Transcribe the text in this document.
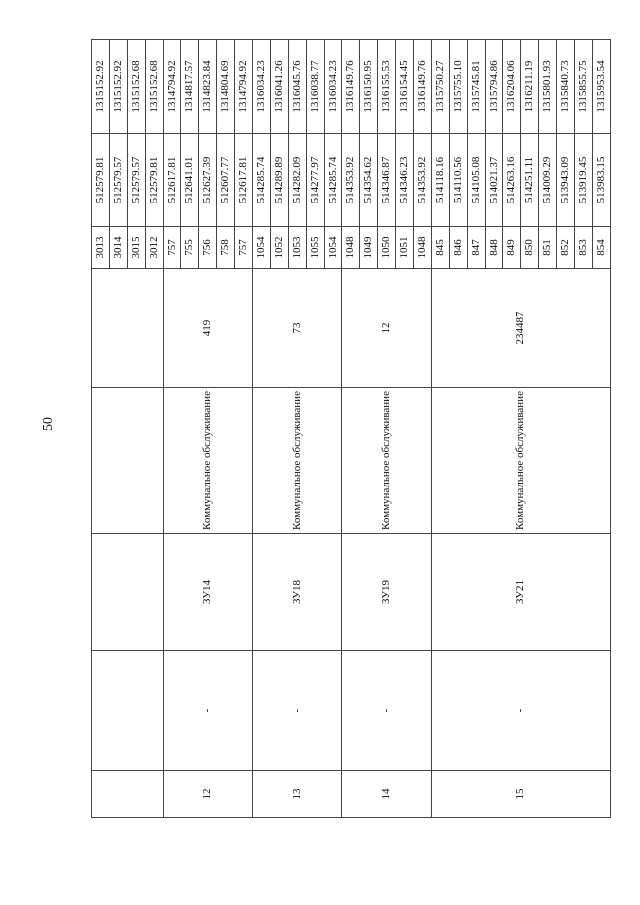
50
					3013	512579.81	1315152.92
					3014	512579.57	1315152.92
					3015	512579.57	1315152.68
					3012	512579.81	1315152.68
12	-	ЗУ14	Коммунальное обслуживание	419	757	512617.81	1314794.92
					755	512641.01	1314817.57
					756	512627.39	1314823.84
					758	512607.77	1314804.69
					757	512617.81	1314794.92
13	-	ЗУ18	Коммунальное обслуживание	73	1054	514285.74	1316034.23
					1052	514289.89	1316041.26
					1053	514282.09	1316045.76
					1055	514277.97	1316038.77
					1054	514285.74	1316034.23
14	-	ЗУ19	Коммунальное обслуживание	12	1048	514353.92	1316149.76
					1049	514354.62	1316150.95
					1050	514346.87	1316155.53
					1051	514346.23	1316154.45
					1048	514353.92	1316149.76
15	-	ЗУ21	Коммунальное обслуживание	234487	845	514118.16	1315750.27
					846	514110.56	1315755.10
					847	514105.08	1315745.81
					848	514021.37	1315794.86
					849	514263.16	1316204.06
					850	514251.11	1316211.19
					851	514009.29	1315801.93
					852	513943.09	1315840.73
					853	513919.45	1315855.75
					854	513983.15	1315953.54
